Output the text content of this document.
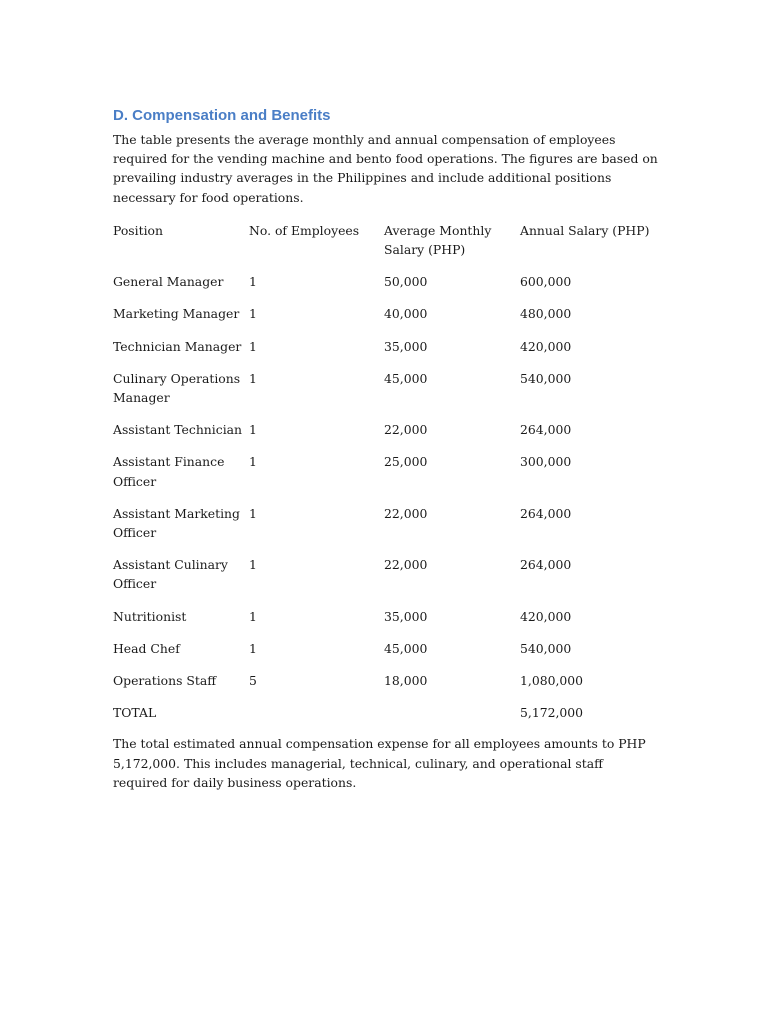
D. Compensation and Benefits

The table presents the average monthly and annual compensation of employees required for the vending machine and bento food operations. The figures are based on prevailing industry averages in the Philippines and include additional positions necessary for food operations.

Position	No. of Employees	Average Monthly Salary (PHP)	Annual Salary (PHP)
General Manager	1	50,000	600,000
Marketing Manager	1	40,000	480,000
Technician Manager	1	35,000	420,000
Culinary Operations Manager	1	45,000	540,000
Assistant Technician	1	22,000	264,000
Assistant Finance Officer	1	25,000	300,000
Assistant Marketing Officer	1	22,000	264,000
Assistant Culinary Officer	1	22,000	264,000
Nutritionist	1	35,000	420,000
Head Chef	1	45,000	540,000
Operations Staff	5	18,000	1,080,000
TOTAL			5,172,000

The total estimated annual compensation expense for all employees amounts to PHP 5,172,000. This includes managerial, technical, culinary, and operational staff required for daily business operations.
